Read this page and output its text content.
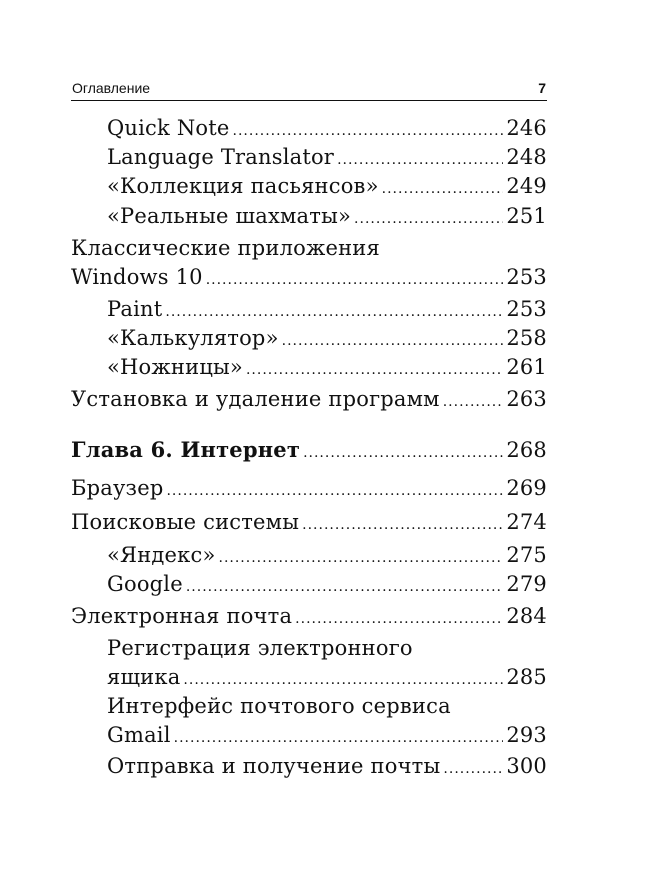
Оглавление	7
Quick Note .....	246
Language Translator .....	248
«Коллекция пасьянсов» .....	249
«Реальные шахматы» .....	251
Классические приложения
Windows 10 .....	253
Paint .....	253
«Калькулятор» .....	258
«Ножницы» .....	261
Установка и удаление программ .....	263
Глава 6. Интернет .....	268
Браузер .....	269
Поисковые системы .....	274
«Яндекс» .....	275
Google .....	279
Электронная почта .....	284
Регистрация электронного
ящика .....	285
Интерфейс почтового сервиса
Gmail .....	293
Отправка и получение почты .....	300
